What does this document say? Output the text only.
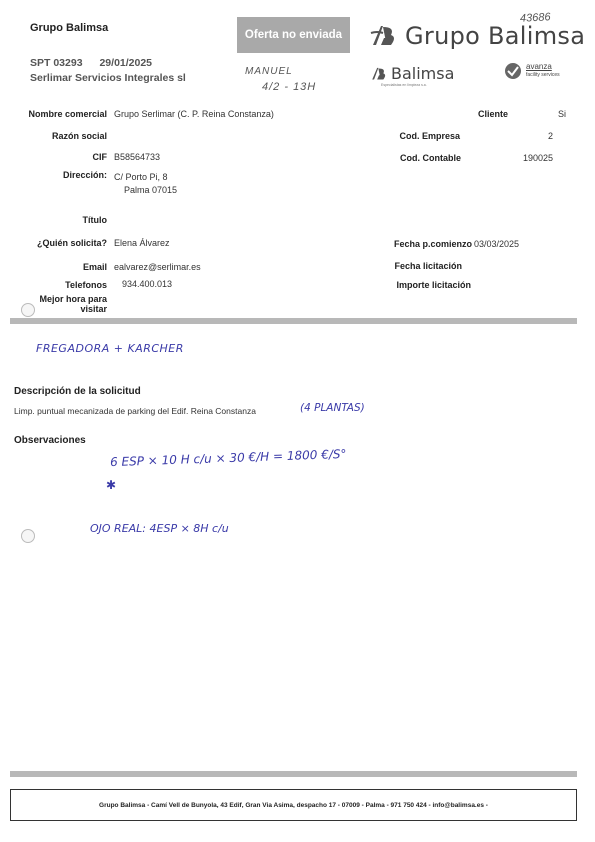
Grupo Balimsa
Oferta no enviada
43686
Grupo Balimsa
Balimsa
Especialistas en limpieza s.a.
avanza
facility services
SPT 03293 29/01/2025
Serlimar Servicios Integrales sl
MANUEL
4/2 - 13H
Nombre comercial Grupo Serlimar (C. P. Reina Constanza)
Razón social
CIF B58564733
Dirección: C/ Porto Pi, 8
Palma 07015
Título
¿Quién solicita? Elena Álvarez
Email ealvarez@serlimar.es
Telefonos 934.400.013
Mejor hora para
visitar
Cliente	Si
Cod. Empresa	2
Cod. Contable	190025
Fecha p.comienzo 03/03/2025
Fecha licitación
Importe licitación
FREGADORA + KARCHER
Descripción de la solicitud
Limp. puntual mecanizada de parking del Edif. Reina Constanza	(4 PLANTAS)
Observaciones
6 ESP × 10 H c/u × 30 €/H = 1800 €/S°
✱
OJO REAL: 4ESP × 8H c/u
Grupo Balimsa - Camí Vell de Bunyola, 43 Edif, Gran Via Asima, despacho 17 - 07009 - Palma - 971 750 424 - info@balimsa.es -
